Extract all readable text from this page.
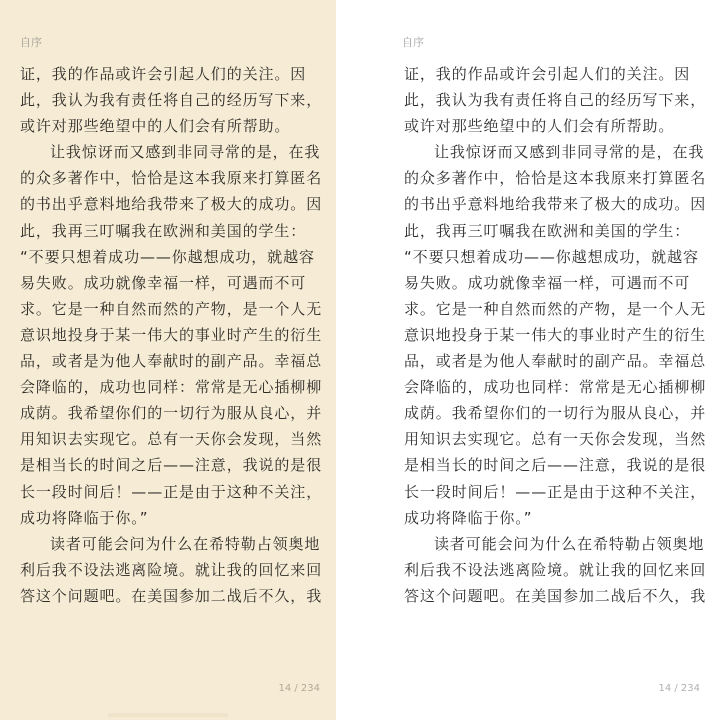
自序

证，我的作品或许会引起人们的关注。因
此，我认为我有责任将自己的经历写下来，
或许对那些绝望中的人们会有所帮助。

让我惊讶而又感到非同寻常的是，在我
的众多著作中，恰恰是这本我原来打算匿名
的书出乎意料地给我带来了极大的成功。因
此，我再三叮嘱我在欧洲和美国的学生：
“不要只想着成功——你越想成功，就越容
易失败。成功就像幸福一样，可遇而不可
求。它是一种自然而然的产物，是一个人无
意识地投身于某一伟大的事业时产生的衍生
品，或者是为他人奉献时的副产品。幸福总
会降临的，成功也同样：常常是无心插柳柳
成荫。我希望你们的一切行为服从良心，并
用知识去实现它。总有一天你会发现，当然
是相当长的时间之后——注意，我说的是很
长一段时间后！——正是由于这种不关注，
成功将降临于你。”

读者可能会问为什么在希特勒占领奥地
利后我不设法逃离险境。就让我的回忆来回
答这个问题吧。在美国参加二战后不久，我

14 / 234
自序

证，我的作品或许会引起人们的关注。因
此，我认为我有责任将自己的经历写下来，
或许对那些绝望中的人们会有所帮助。

让我惊讶而又感到非同寻常的是，在我
的众多著作中，恰恰是这本我原来打算匿名
的书出乎意料地给我带来了极大的成功。因
此，我再三叮嘱我在欧洲和美国的学生：
“不要只想着成功——你越想成功，就越容
易失败。成功就像幸福一样，可遇而不可
求。它是一种自然而然的产物，是一个人无
意识地投身于某一伟大的事业时产生的衍生
品，或者是为他人奉献时的副产品。幸福总
会降临的，成功也同样：常常是无心插柳柳
成荫。我希望你们的一切行为服从良心，并
用知识去实现它。总有一天你会发现，当然
是相当长的时间之后——注意，我说的是很
长一段时间后！——正是由于这种不关注，
成功将降临于你。”

读者可能会问为什么在希特勒占领奥地
利后我不设法逃离险境。就让我的回忆来回
答这个问题吧。在美国参加二战后不久，我

14 / 234
